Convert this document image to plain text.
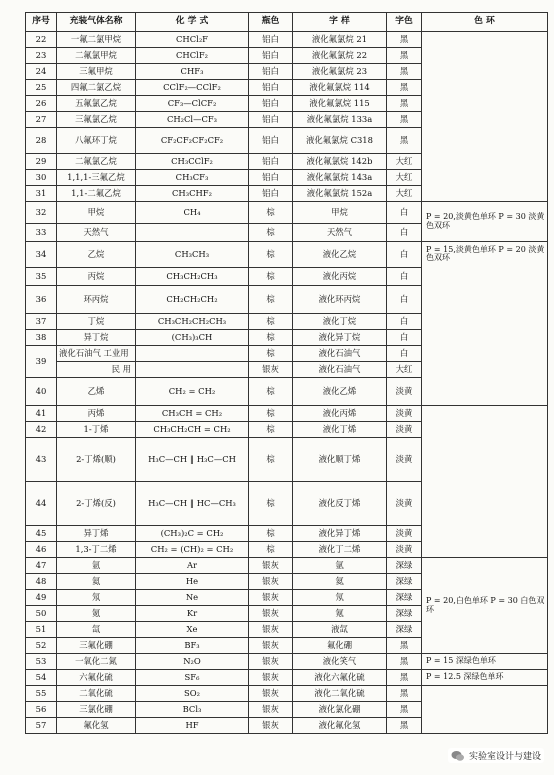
序号	充装气体名称	化 学 式	瓶色	字 样	字色	色 环	
22	一氟二氯甲烷	CHCl₂F	铝白	液化氟氯烷 21	黑		
23	二氟氯甲烷	CHClF₂	铝白	液化氟氯烷 22	黑		
24	三氟甲烷	CHF₃	铝白	液化氟氯烷 23	黑		
25	四氟二氯乙烷	CClF₂—CClF₂	铝白	液化氟氯烷 114	黑		
26	五氟氯乙烷	CF₃—ClCF₂	铝白	液化氟氯烷 115	黑		
27	三氟氯乙烷	CH₂Cl—CF₃	铝白	液化氟氯烷 133a	黑		
28	八氟环丁烷	CF₂CF₂CF₂CF₂	铝白	液化氟氯烷 C318	黑		
29	二氟氯乙烷	CH₃CClF₂	铝白	液化氟氯烷 142b	大红		
30	1,1,1-三氟乙烷	CH₃CF₃	铝白	液化氟氯烷 143a	大红		
31	1,1-二氟乙烷	CH₃CHF₂	铝白	液化氟氯烷 152a	大红		
32	甲烷	CH₄	棕	甲烷	白	P = 20,淡黄色单环 P = 30 淡黄色双环	
33	天然气		棕	天然气	白		
34	乙烷	CH₃CH₃	棕	液化乙烷	白	P = 15,淡黄色单环 P = 20 淡黄色双环	
35	丙烷	CH₃CH₂CH₃	棕	液化丙烷	白		
36	环丙烷	CH₂CH₂CH₂	棕	液化环丙烷	白		
37	丁烷	CH₃CH₂CH₂CH₃	棕	液化丁烷	白		
38	异丁烷	(CH₃)₃CH	棕	液化异丁烷	白		
39	液化石油气 工业用		棕	液化石油气	白		
	民 用		银灰	液化石油气	大红		
40	乙烯	CH₂ = CH₂	棕	液化乙烯	淡黄	
41	丙烯	CH₃CH = CH₂	棕	液化丙烯	淡黄		
42	1-丁烯	CH₃CH₂CH = CH₂	棕	液化丁烯	淡黄		
43	2-丁烯(顺)	H₃C—CH ‖ H₃C—CH	棕	液化顺丁烯	淡黄		
44	2-丁烯(反)	H₃C—CH ‖ HC—CH₃	棕	液化反丁烯	淡黄		
45	异丁烯	(CH₃)₂C = CH₂	棕	液化异丁烯	淡黄		
46	1,3-丁二烯	CH₂ = (CH)₂ = CH₂	棕	液化丁二烯	淡黄		
47	氩	Ar	银灰	氩	深绿	P = 20,白色单环 P = 30 白色双环	
48	氦	He	银灰	氦	深绿		
49	氖	Ne	银灰	氖	深绿		
50	氪	Kr	银灰	氪	深绿		
51	氙	Xe	银灰	液氙	深绿		
52	三氟化硼	BF₃	银灰	氟化硼	黑		
53	一氧化二氮	N₂O	银灰	液化笑气	黑	P = 15 深绿色单环	
54	六氟化硫	SF₆	银灰	液化六氟化硫	黑	P = 12.5 深绿色单环	
55	二氧化硫	SO₂	银灰	液化二氧化硫	黑		
56	三氯化硼	BCl₃	银灰	液化氯化硼	黑		
57	氟化氢	HF	银灰	液化氟化氢	黑		
实验室设计与建设
